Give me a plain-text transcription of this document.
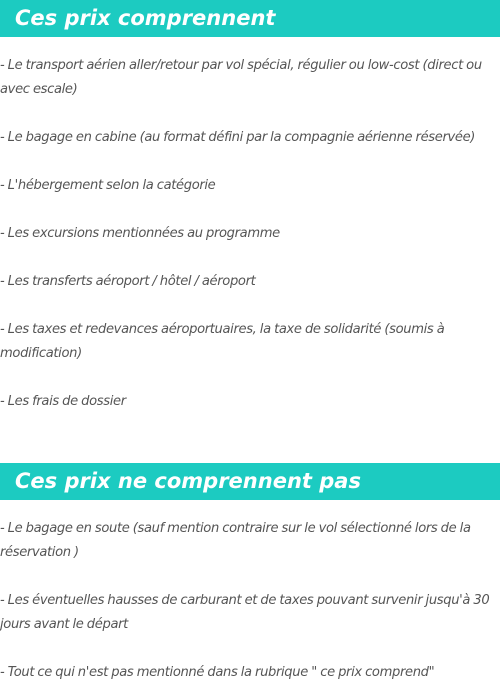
Ces prix comprennent
- Le transport aérien aller/retour par vol spécial, régulier ou low-cost (direct ou avec escale)
- Le bagage en cabine (au format défini par la compagnie aérienne réservée)
- L'hébergement selon la catégorie
- Les excursions mentionnées au programme
- Les transferts aéroport / hôtel / aéroport
- Les taxes et redevances aéroportuaires, la taxe de solidarité (soumis à modification)
- Les frais de dossier
Ces prix ne comprennent pas
- Le bagage en soute (sauf mention contraire sur le vol sélectionné lors de la réservation )
- Les éventuelles hausses de carburant et de taxes pouvant survenir jusqu'à 30 jours avant le départ
- Tout ce qui n'est pas mentionné dans la rubrique " ce prix comprend"
